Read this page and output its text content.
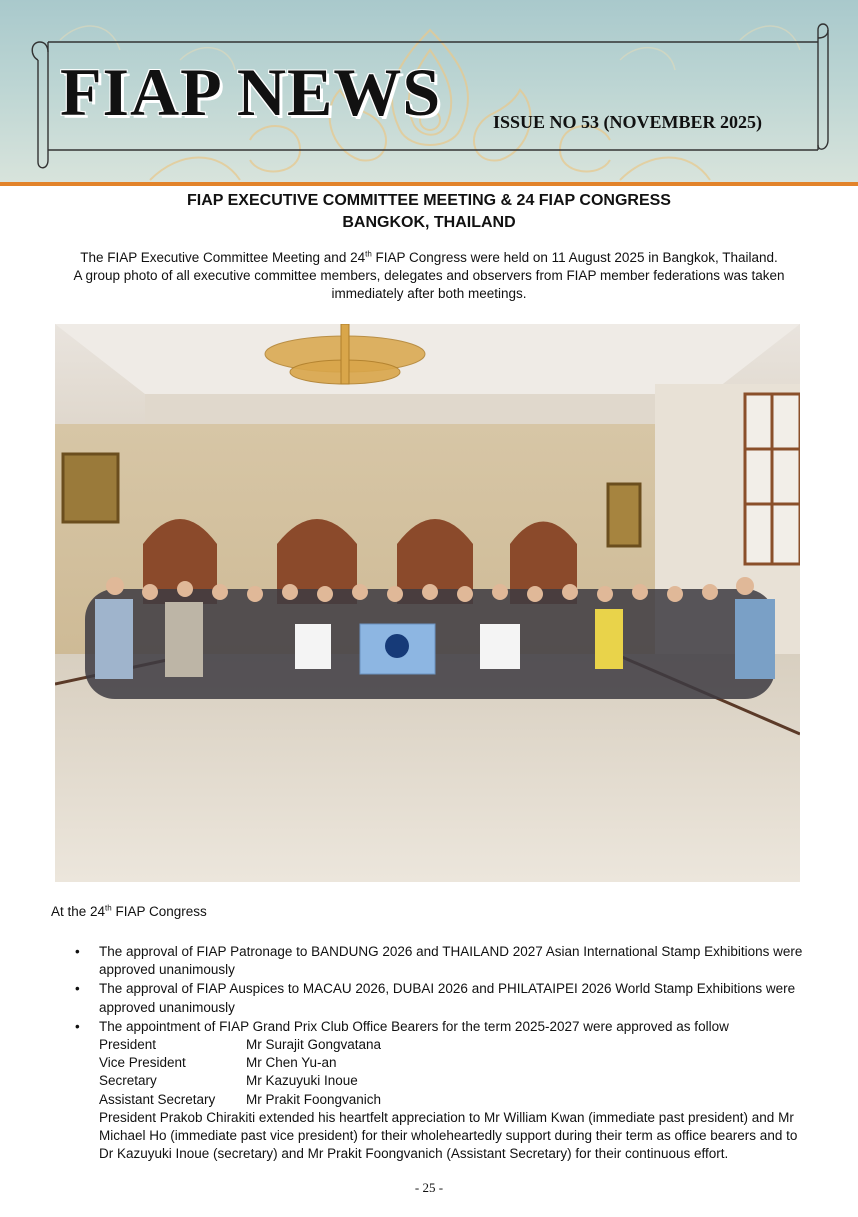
FIAP NEWS	ISSUE NO 53 (NOVEMBER 2025)
FIAP EXECUTIVE COMMITTEE MEETING & 24 FIAP CONGRESS
BANGKOK, THAILAND
The FIAP Executive Committee Meeting and 24th FIAP Congress were held on 11 August 2025 in Bangkok, Thailand.
A group photo of all executive committee members, delegates and observers from FIAP member federations was taken immediately after both meetings.
At the 24th FIAP Congress
• The approval of FIAP Patronage to BANDUNG 2026 and THAILAND 2027 Asian International Stamp Exhibitions were approved unanimously
• The approval of FIAP Auspices to MACAU 2026, DUBAI 2026 and PHILATAIPEI 2026 World Stamp Exhibitions were approved unanimously
• The appointment of FIAP Grand Prix Club Office Bearers for the term 2025-2027 were approved as follow
President	Mr Surajit Gongvatana
Vice President	Mr Chen Yu-an
Secretary	Mr Kazuyuki Inoue
Assistant Secretary	Mr Prakit Foongvanich
President Prakob Chirakiti extended his heartfelt appreciation to Mr William Kwan (immediate past president) and Mr Michael Ho (immediate past vice president) for their wholeheartedly support during their term as office bearers and to Dr Kazuyuki Inoue (secretary) and Mr Prakit Foongvanich (Assistant Secretary) for their continuous effort.
- 25 -
